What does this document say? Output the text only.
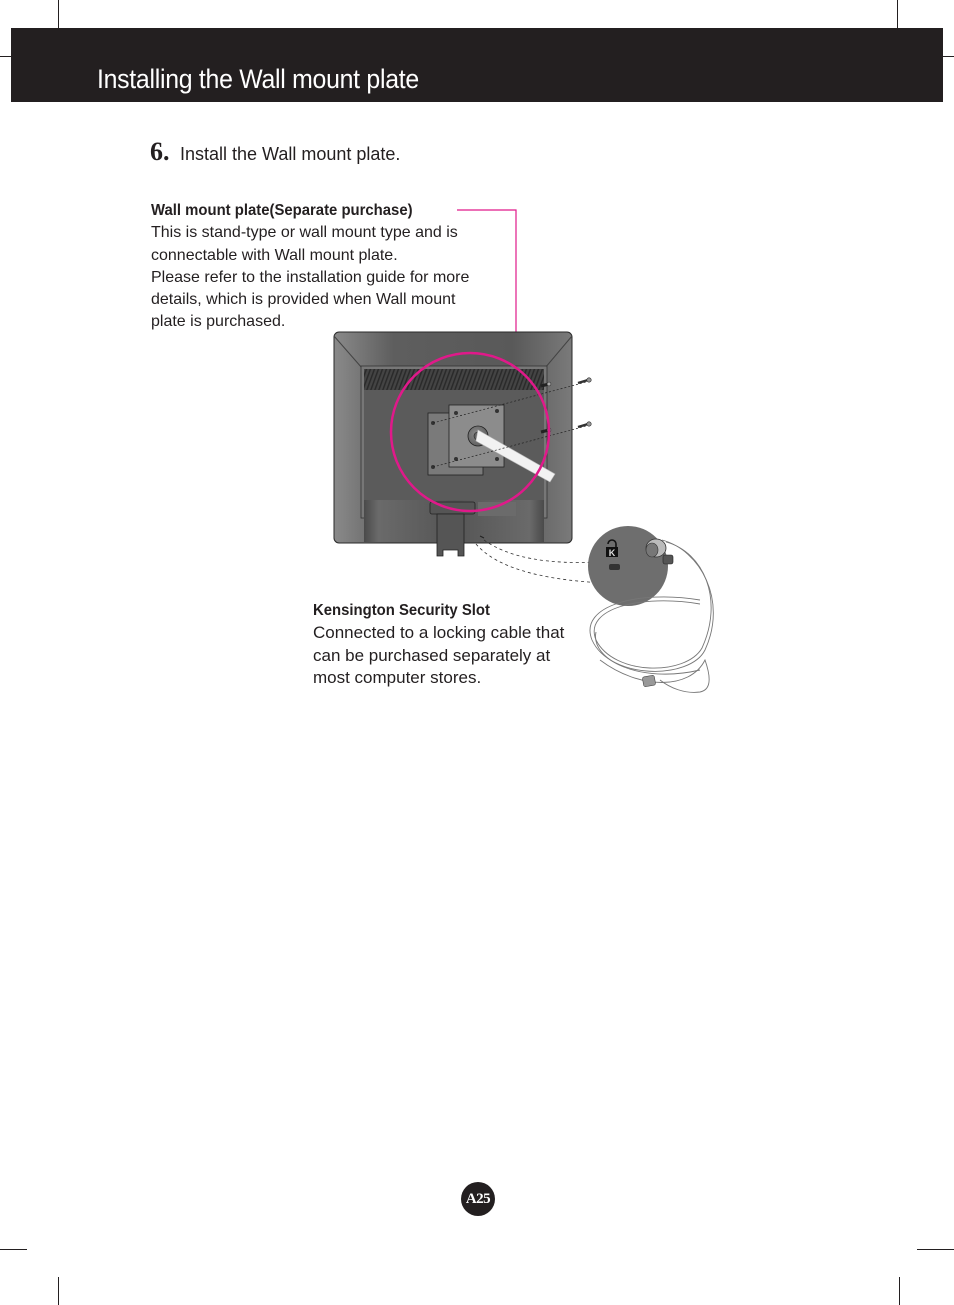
Installing the Wall mount plate
6. Install the Wall mount plate.
Wall mount plate(Separate purchase)
This is stand-type or wall mount type and is
connectable with Wall mount plate.
Please refer to the installation guide for more
details, which is provided when Wall mount
plate is purchased.
K
Kensington Security Slot
Connected to a locking cable that
can be purchased separately at
most computer stores.
A25
